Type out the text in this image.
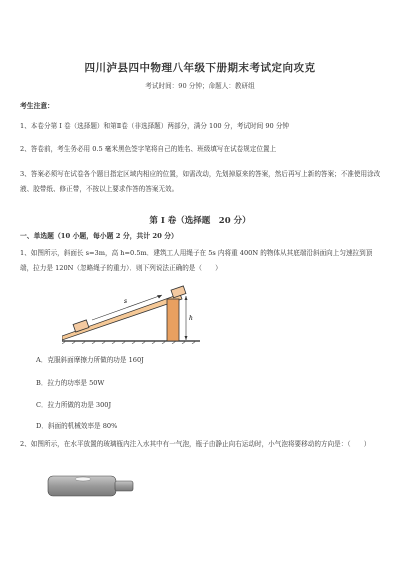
四川泸县四中物理八年级下册期末考试定向攻克
考试时间：90 分钟；命题人：教研组
考生注意：
1、本卷分第 I 卷（选择题）和第Ⅱ卷（非选择题）两部分，满分 100 分，考试时间 90 分钟
2、答卷前，考生务必用 0.5 毫米黑色签字笔将自己的姓名、班级填写在试卷规定位置上
3、答案必须写在试卷各个题目指定区域内相应的位置，如需改动，先划掉原来的答案，然后再写上新的答案；不准使用涂改液、胶带纸、修正带，不按以上要求作答的答案无效。
第 I 卷（选择题　20 分）
一、单选题（10 小题，每小题 2 分，共计 20 分）
1、如图所示，斜面长 s=3m，高 h=0.5m．建筑工人用绳子在 5s 内将重 400N 的物体从其底端沿斜面向上匀速拉到顶端，拉力是 120N（忽略绳子的重力）．则下列说法正确的是（　　）
s
h
A．克服斜面摩擦力所做的功是 160J
B．拉力的功率是 50W
C．拉力所做的功是 300J
D．斜面的机械效率是 80%
2、如图所示，在水平放置的玻璃瓶内注入水其中有一气泡，瓶子由静止向右运动时，小气泡将要移动的方向是：（　　）
